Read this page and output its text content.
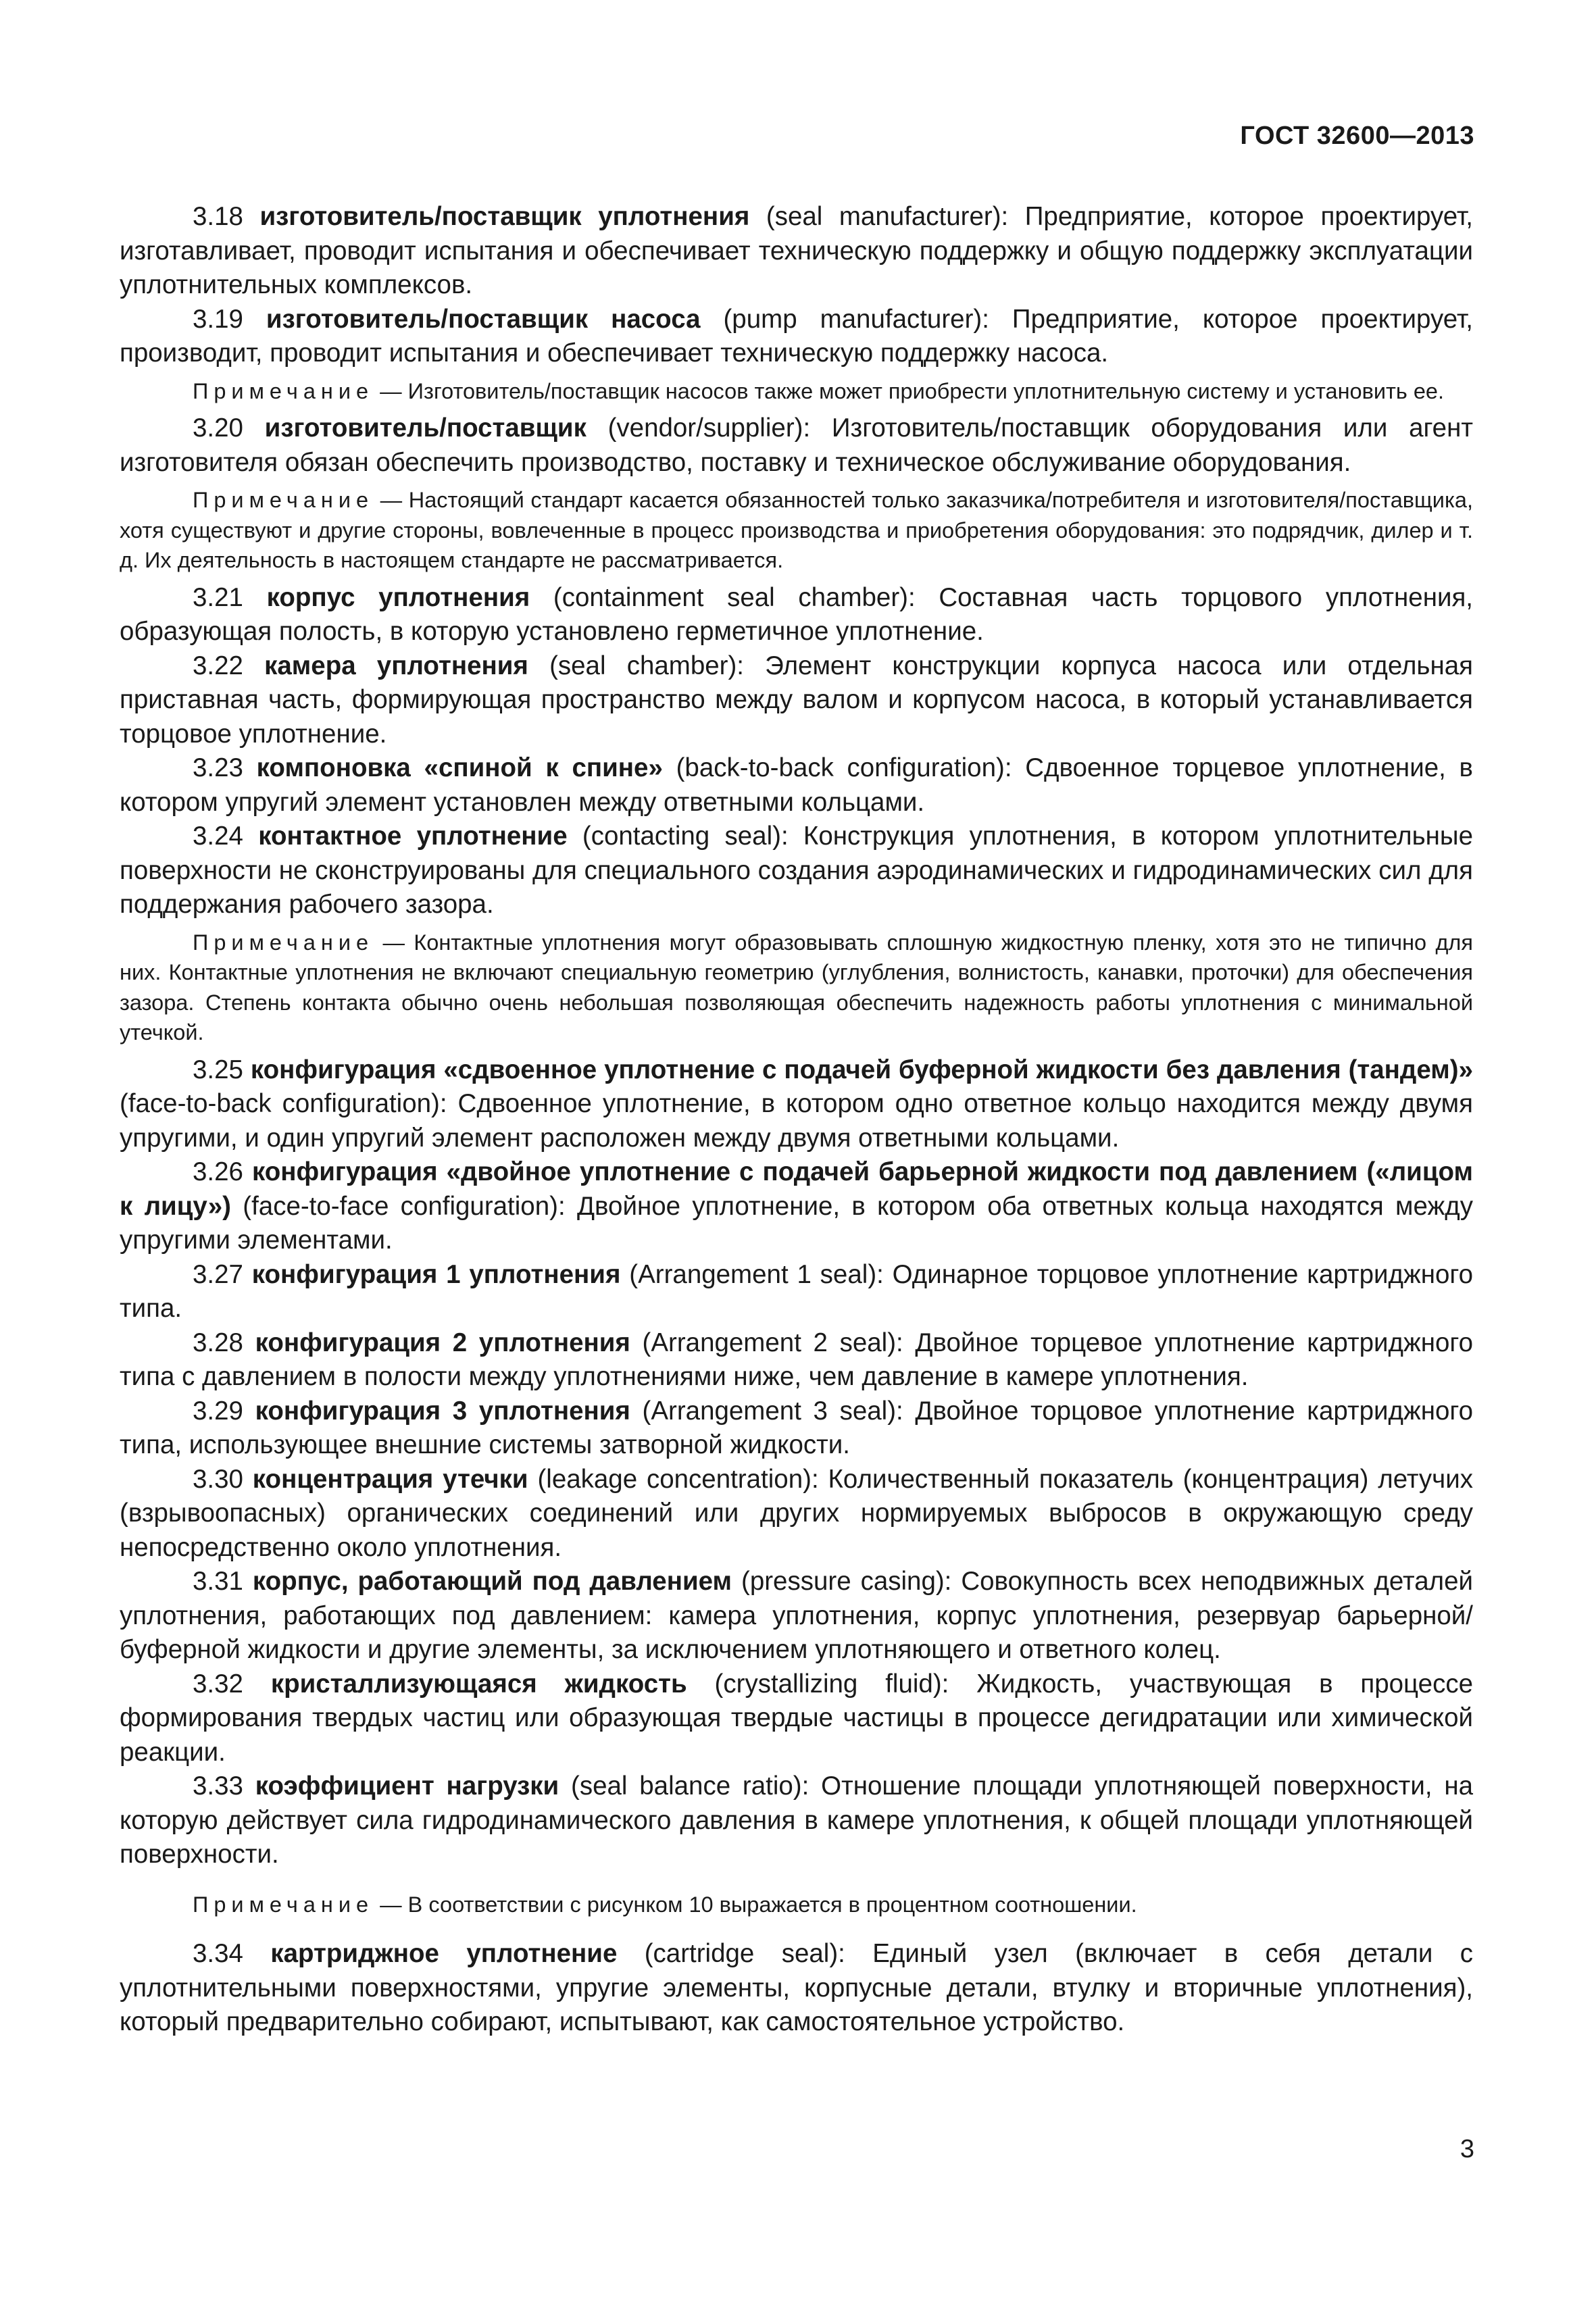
ГОСТ 32600—2013

3.18 изготовитель/поставщик уплотнения (seal manufacturer): Предприятие, которое проектирует, изготавливает, проводит испытания и обеспечивает техническую поддержку и общую поддержку эксплуатации уплотнительных комплексов.

3.19 изготовитель/поставщик насоса (pump manufacturer): Предприятие, которое проектирует, производит, проводит испытания и обеспечивает техническую поддержку насоса.

Примечание — Изготовитель/поставщик насосов также может приобрести уплотнительную систему и установить ее.

3.20 изготовитель/поставщик (vendor/supplier): Изготовитель/поставщик оборудования или агент изготовителя обязан обеспечить производство, поставку и техническое обслуживание оборудования.

Примечание — Настоящий стандарт касается обязанностей только заказчика/потребителя и изготовителя/поставщика, хотя существуют и другие стороны, вовлеченные в процесс производства и приобретения оборудования: это подрядчик, дилер и т. д. Их деятельность в настоящем стандарте не рассматривается.

3.21 корпус уплотнения (containment seal chamber): Составная часть торцового уплотнения, образующая полость, в которую установлено герметичное уплотнение.

3.22 камера уплотнения (seal chamber): Элемент конструкции корпуса насоса или отдельная приставная часть, формирующая пространство между валом и корпусом насоса, в который устанавливается торцовое уплотнение.

3.23 компоновка «спиной к спине» (back-to-back configuration): Сдвоенное торцевое уплотнение, в котором упругий элемент установлен между ответными кольцами.

3.24 контактное уплотнение (contacting seal): Конструкция уплотнения, в котором уплотнительные поверхности не сконструированы для специального создания аэродинамических и гидродинамических сил для поддержания рабочего зазора.

Примечание — Контактные уплотнения могут образовывать сплошную жидкостную пленку, хотя это не типично для них. Контактные уплотнения не включают специальную геометрию (углубления, волнистость, канавки, проточки) для обеспечения зазора. Степень контакта обычно очень небольшая позволяющая обеспечить надежность работы уплотнения с минимальной утечкой.

3.25 конфигурация «сдвоенное уплотнение с подачей буферной жидкости без давления (тандем)» (face-to-back configuration): Сдвоенное уплотнение, в котором одно ответное кольцо находится между двумя упругими, и один упругий элемент расположен между двумя ответными кольцами.

3.26 конфигурация «двойное уплотнение с подачей барьерной жидкости под давлением («лицом к лицу») (face-to-face configuration): Двойное уплотнение, в котором оба ответных кольца находятся между упругими элементами.

3.27 конфигурация 1 уплотнения (Arrangement 1 seal): Одинарное торцовое уплотнение картриджного типа.

3.28 конфигурация 2 уплотнения (Arrangement 2 seal): Двойное торцевое уплотнение картриджного типа с давлением в полости между уплотнениями ниже, чем давление в камере уплотнения.

3.29 конфигурация 3 уплотнения (Arrangement 3 seal): Двойное торцовое уплотнение картриджного типа, использующее внешние системы затворной жидкости.

3.30 концентрация утечки (leakage concentration): Количественный показатель (концентрация) летучих (взрывоопасных) органических соединений или других нормируемых выбросов в окружающую среду непосредственно около уплотнения.

3.31 корпус, работающий под давлением (pressure casing): Совокупность всех неподвижных деталей уплотнения, работающих под давлением: камера уплотнения, корпус уплотнения, резервуар барьерной/буферной жидкости и другие элементы, за исключением уплотняющего и ответного колец.

3.32 кристаллизующаяся жидкость (crystallizing fluid): Жидкость, участвующая в процессе формирования твердых частиц или образующая твердые частицы в процессе дегидратации или химической реакции.

3.33 коэффициент нагрузки (seal balance ratio): Отношение площади уплотняющей поверхности, на которую действует сила гидродинамического давления в камере уплотнения, к общей площади уплотняющей поверхности.

Примечание — В соответствии с рисунком 10 выражается в процентном соотношении.

3.34 картриджное уплотнение (cartridge seal): Единый узел (включает в себя детали с уплотнительными поверхностями, упругие элементы, корпусные детали, втулку и вторичные уплотнения), который предварительно собирают, испытывают, как самостоятельное устройство.

3
